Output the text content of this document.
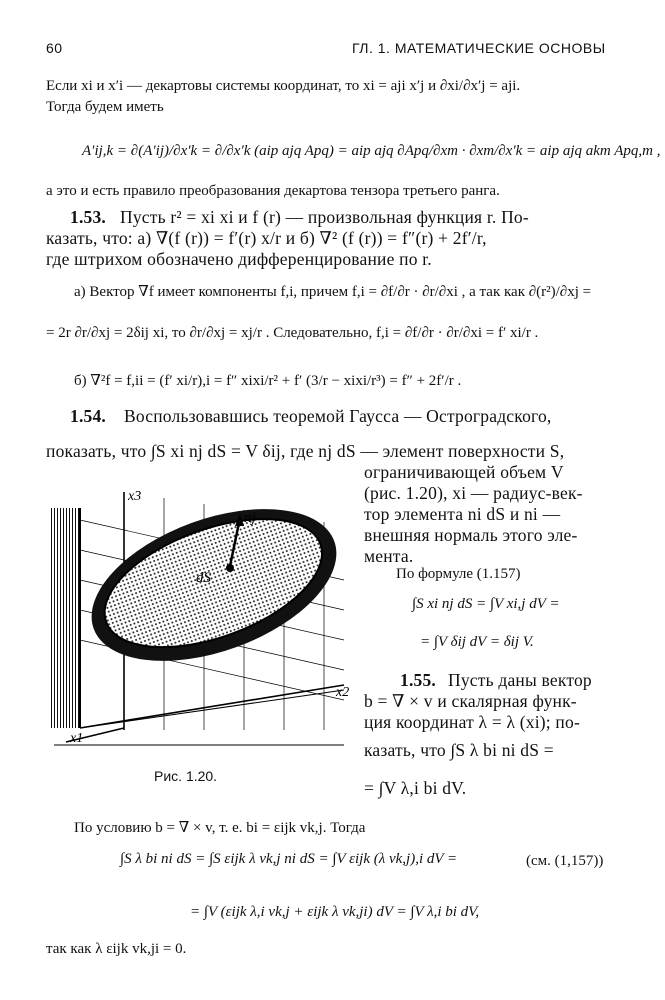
60	ГЛ. 1. МАТЕМАТИЧЕСКИЕ ОСНОВЫ
Если xi и x′i — декартовы системы координат, то xi = aji x′j и ∂xi/∂x′j = aji.
Тогда будем иметь
A′ij,k = ∂(A′ij)/∂x′k = ∂/∂x′k (aip ajq Apq) = aip ajq ∂Apq/∂xm · ∂xm/∂x′k = aip ajq akm Apq,m ,
а это и есть правило преобразования декартова тензора третьего ранга.
1.53. Пусть r² = xi xi и f (r) — произвольная функция r. По-
казать, что: а) ∇(f (r)) = f′(r) x/r и б) ∇² (f (r)) = f″(r) + 2f′/r,
где штрихом обозначено дифференцирование по r.
а) Вектор ∇f имеет компоненты f,i, причем f,i = ∂f/∂r · ∂r/∂xi , а так как ∂(r²)/∂xj =
= 2r ∂r/∂xj = 2δij xi, то ∂r/∂xj = xj/r . Следовательно, f,i = ∂f/∂r · ∂r/∂xi = f′ xi/r .
б) ∇²f = f,ii = (f′ xi/r),i = f″ xixi/r² + f′ (3/r − xixi/r³) = f″ + 2f′/r .
1.54. Воспользовавшись теоремой Гаусса — Остроградского,
показать, что ∫S xi nj dS = V δij, где nj dS — элемент поверхности S,
ограничивающей объем V
(рис. 1.20), xi — радиус-век-
тор элемента ni dS и ni —
внешняя нормаль этого эле-
мента.
По формуле (1.157)
∫S xi nj dS = ∫V xi,j dV =
= ∫V δij dV = δij V.
x3
x2
x1
nj
dS
Рис. 1.20.
1.55. Пусть даны вектор
b = ∇ × v и скалярная функ-
ция координат λ = λ (xi); по-
казать, что ∫S λ bi ni dS =
= ∫V λ,i bi dV.
По условию b = ∇ × v, т. е. bi = εijk vk,j. Тогда
∫S λ bi ni dS = ∫S εijk λ vk,j ni dS = ∫V εijk (λ vk,j),i dV =	(см. (1,157))
= ∫V (εijk λ,i vk,j + εijk λ vk,ji) dV = ∫V λ,i bi dV,
так как λ εijk vk,ji = 0.
